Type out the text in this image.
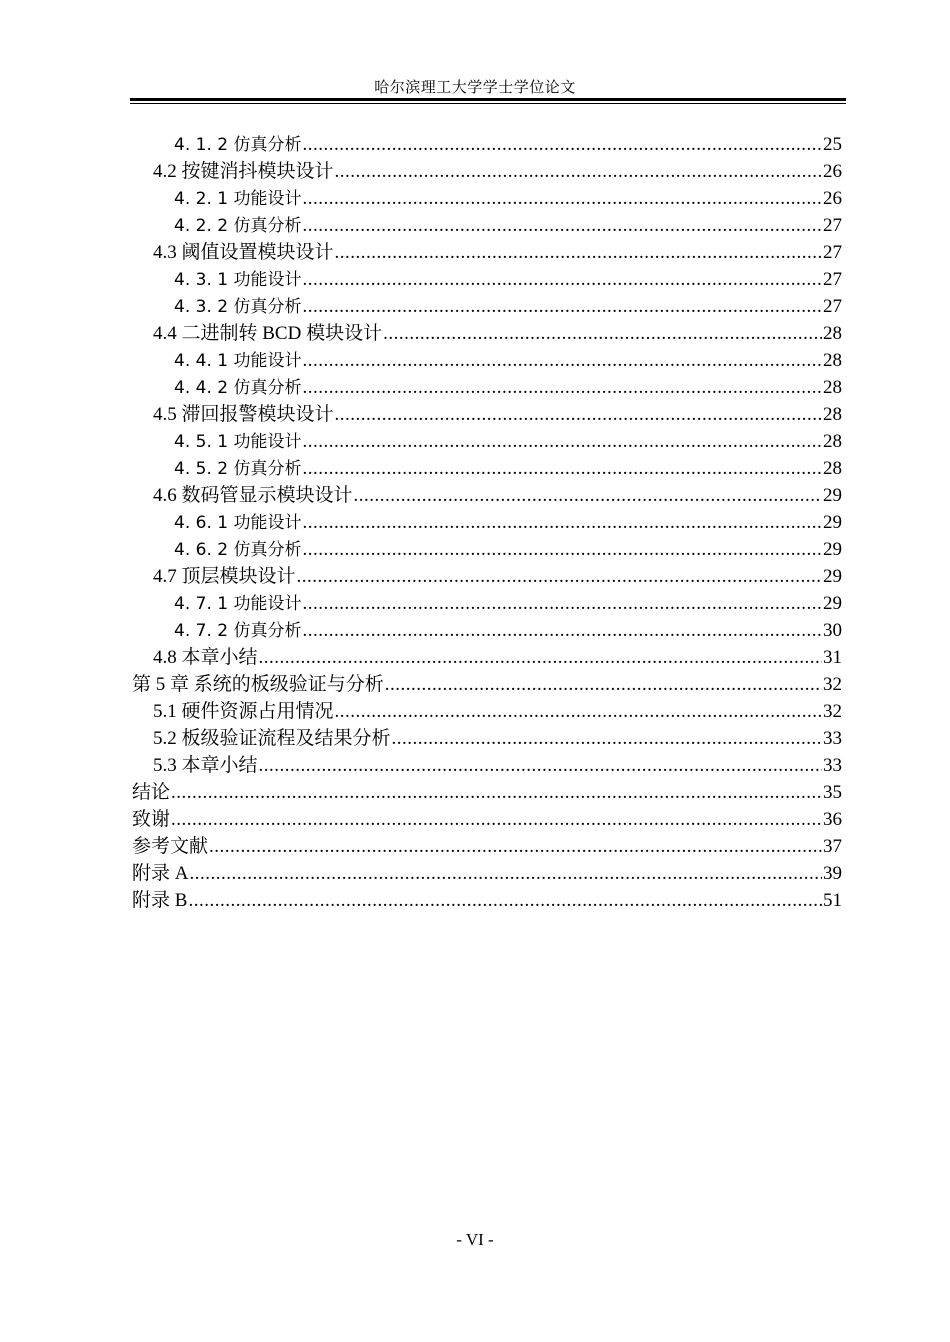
哈尔滨理工大学学士学位论文
4. 1. 2 仿真分析 .....	25
4.2 按键消抖模块设计 .....	26
4. 2. 1 功能设计 .....	26
4. 2. 2 仿真分析 .....	27
4.3 阈值设置模块设计 .....	27
4. 3. 1 功能设计 .....	27
4. 3. 2 仿真分析 .....	27
4.4 二进制转 BCD 模块设计 .....	28
4. 4. 1 功能设计 .....	28
4. 4. 2 仿真分析 .....	28
4.5 滞回报警模块设计 .....	28
4. 5. 1 功能设计 .....	28
4. 5. 2 仿真分析 .....	28
4.6 数码管显示模块设计 .....	29
4. 6. 1 功能设计 .....	29
4. 6. 2 仿真分析 .....	29
4.7 顶层模块设计 .....	29
4. 7. 1 功能设计 .....	29
4. 7. 2 仿真分析 .....	30
4.8 本章小结 .....	31
第 5 章 系统的板级验证与分析 .....	32
5.1 硬件资源占用情况 .....	32
5.2 板级验证流程及结果分析 .....	33
5.3 本章小结 .....	33
结论 .....	35
致谢 .....	36
参考文献 .....	37
附录 A .....	39
附录 B .....	51
- VI -
